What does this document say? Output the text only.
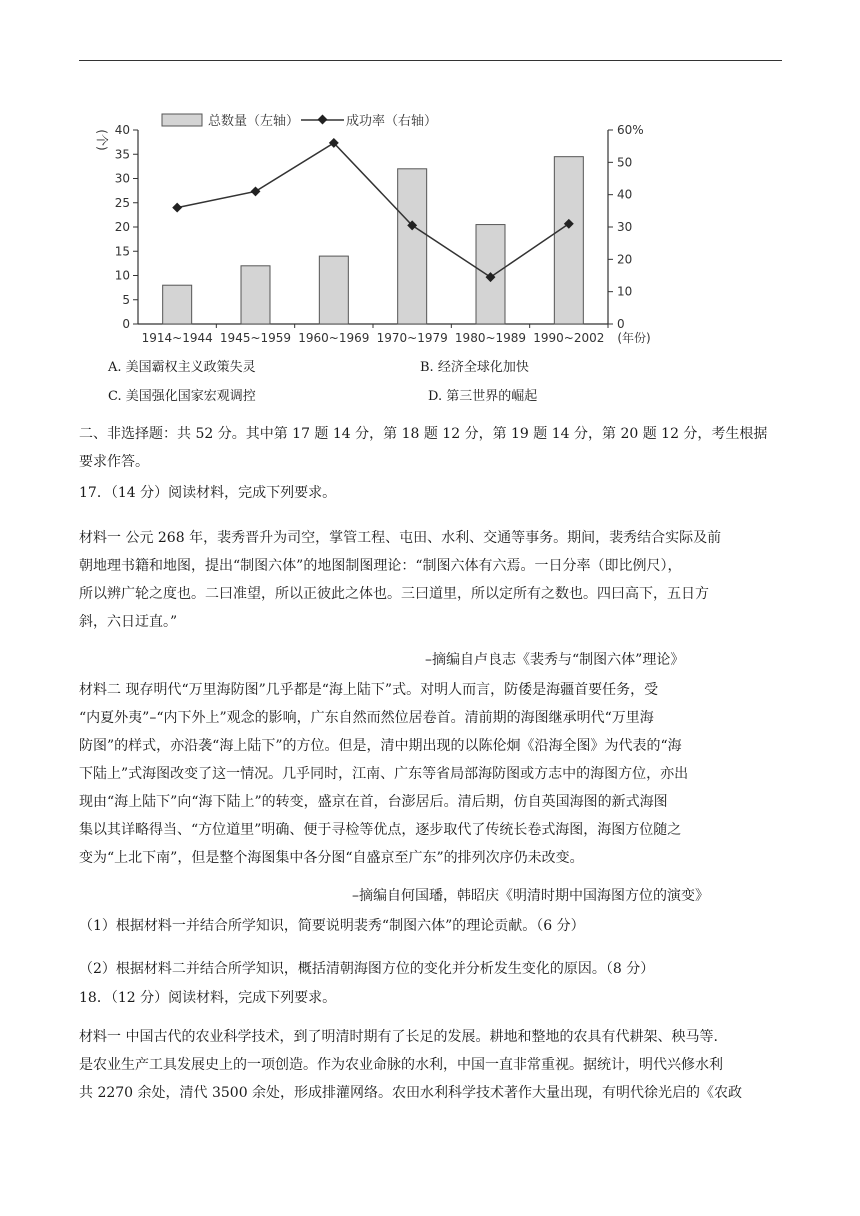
总数量（左轴）	成功率（右轴）
(个)	%
(年份)
0
5
10
15
20
25
30
35
40
0
10
20
30
40
50
60
1914~1944 1945~1959 1960~1969 1970~1979 1980~1989 1990~2002
A. 美国霸权主义政策失灵	B. 经济全球化加快
C. 美国强化国家宏观调控	D. 第三世界的崛起
二、非选择题：共 52 分。其中第 17 题 14 分，第 18 题 12 分，第 19 题 14 分，第 20 题 12 分，考生根据
要求作答。
17．（14 分）阅读材料，完成下列要求。
材料一 公元 268 年，裴秀晋升为司空，掌管工程、屯田、水利、交通等事务。期间，裴秀结合实际及前
朝地理书籍和地图，提出“制图六体”的地图制图理论：“制图六体有六焉。一日分率（即比例尺），
所以辨广轮之度也。二曰准望，所以正彼此之体也。三曰道里，所以定所有之数也。四曰高下，五日方
斜，六日迂直。”
–摘编自卢良志《裴秀与“制图六体”理论》
材料二 现存明代“万里海防图”几乎都是“海上陆下”式。对明人而言，防倭是海疆首要任务，受
“内夏外夷”–“内下外上”观念的影响，广东自然而然位居卷首。清前期的海图继承明代“万里海
防图”的样式，亦沿袭“海上陆下”的方位。但是，清中期出现的以陈伦炯《沿海全图》为代表的“海
下陆上”式海图改变了这一情况。几乎同时，江南、广东等省局部海防图或方志中的海图方位，亦出
现由“海上陆下”向“海下陆上”的转变，盛京在首，台澎居后。清后期，仿自英国海图的新式海图
集以其详略得当、“方位道里”明确、便于寻检等优点，逐步取代了传统长卷式海图，海图方位随之
变为“上北下南”，但是整个海图集中各分图“自盛京至广东”的排列次序仍未改变。
–摘编自何国璠，韩昭庆《明清时期中国海图方位的演变》
（1）根据材料一并结合所学知识，简要说明裴秀“制图六体”的理论贡献。（6 分）
（2）根据材料二并结合所学知识，概括清朝海图方位的变化并分析发生变化的原因。（8 分）
18．（12 分）阅读材料，完成下列要求。
材料一 中国古代的农业科学技术，到了明清时期有了长足的发展。耕地和整地的农具有代耕架、秧马等.
是农业生产工具发展史上的一项创造。作为农业命脉的水利，中国一直非常重视。据统计，明代兴修水利
共 2270 余处，清代 3500 余处，形成排灌网络。农田水利科学技术著作大量出现，有明代徐光启的《农政
